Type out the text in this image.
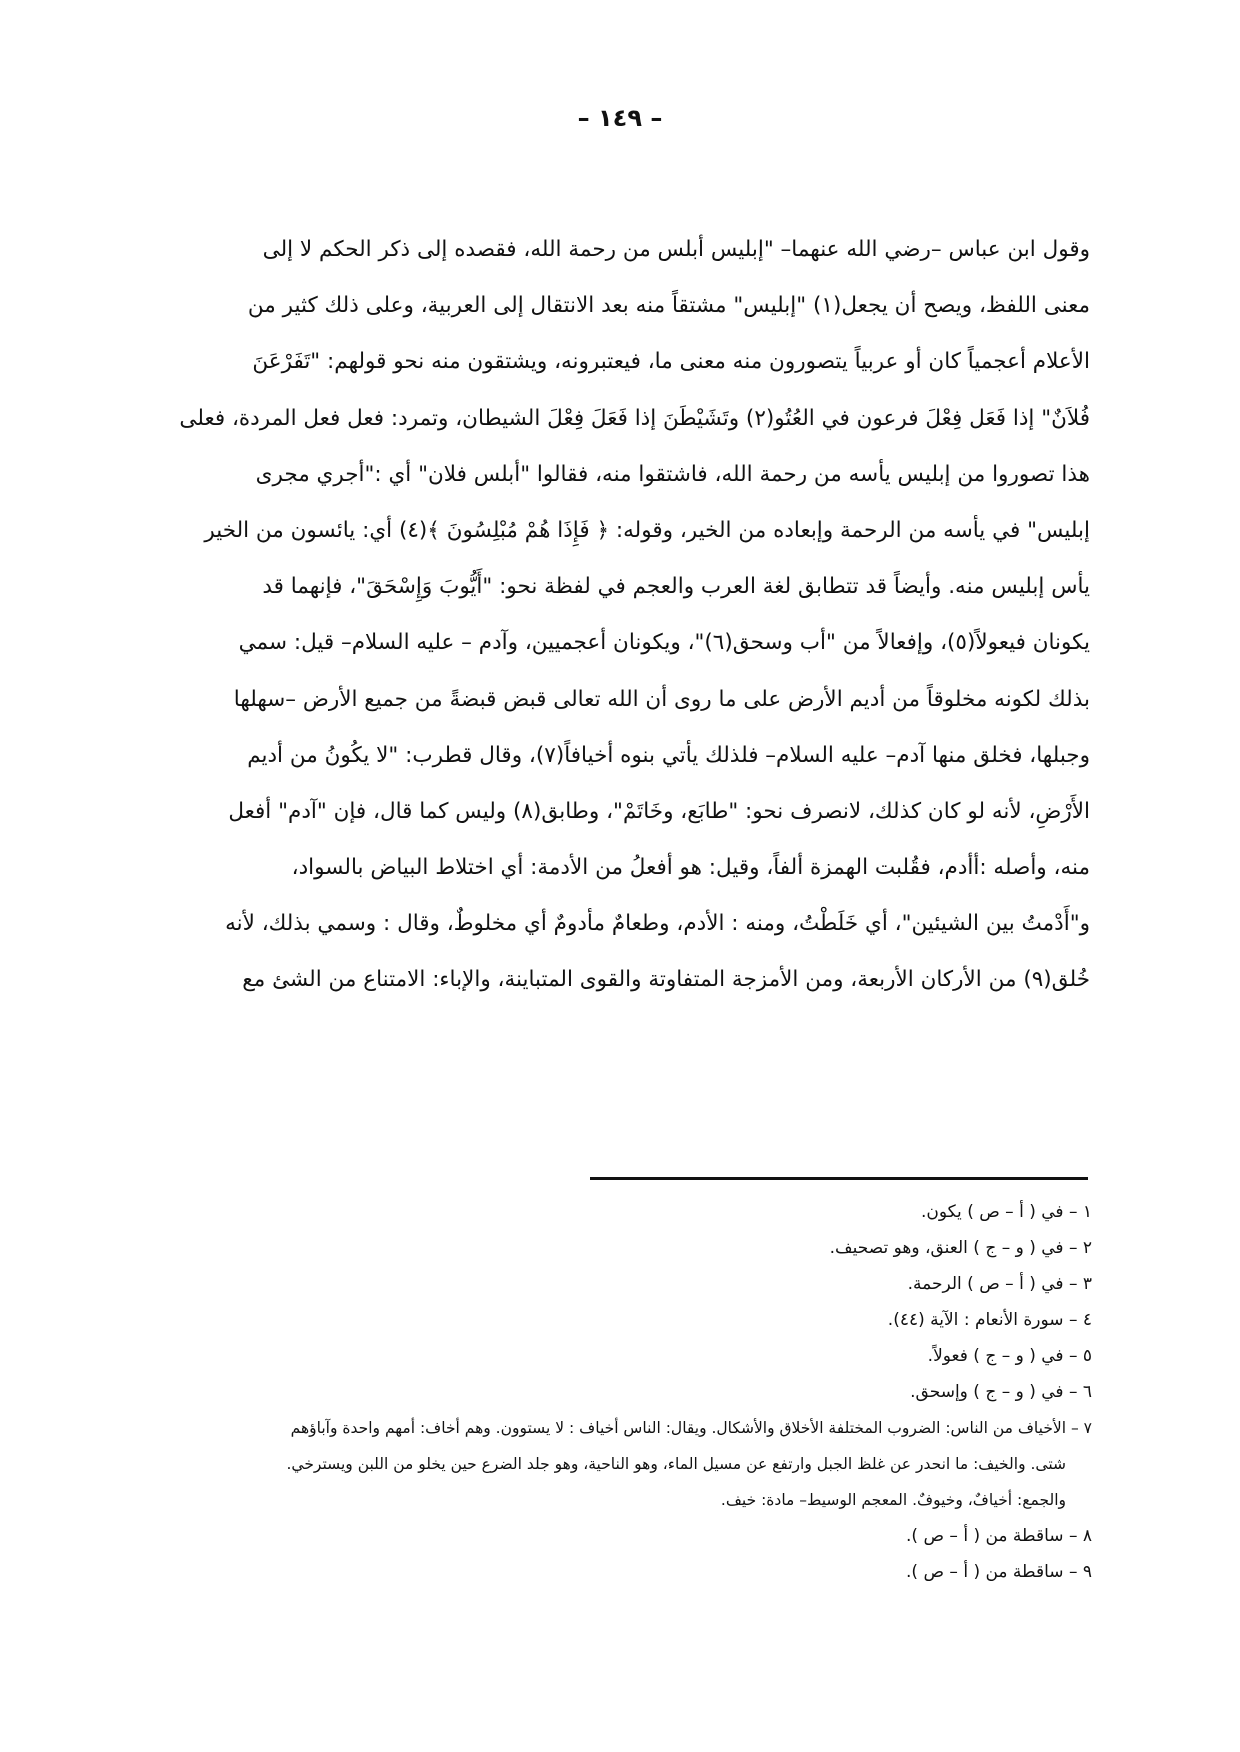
– ١٤٩ –
وقول ابن عباس –رضي الله عنهما– "إبليس أبلس من رحمة الله، فقصده إلى ذكر الحكم لا إلى
معنى اللفظ، ويصح أن يجعل(١) "إبليس" مشتقاً منه بعد الانتقال إلى العربية، وعلى ذلك كثير من
الأعلام أعجمياً كان أو عربياً يتصورون منه معنى ما، فيعتبرونه، ويشتقون منه نحو قولهم: "تَفَرْعَنَ
فُلاَنٌ" إذا فَعَل فِعْلَ فرعون في العُتُو(٢) وتَشَيْطَنَ إذا فَعَلَ فِعْلَ الشيطان، وتمرد: فعل فعل المردة، فعلى
هذا تصوروا من إبليس يأسه من رحمة الله، فاشتقوا منه، فقالوا "أبلس فلان" أي :"أجري مجرى
إبليس" في يأسه من الرحمة وإبعاده من الخير، وقوله: ﴿ فَإِذَا هُمْ مُبْلِسُونَ ﴾(٤) أي: يائسون من الخير
يأس إبليس منه. وأيضاً قد تتطابق لغة العرب والعجم في لفظة نحو: "أَيُّوبَ وَإِسْحَقَ"، فإنهما قد
يكونان فيعولاً(٥)، وإفعالاً من "أب وسحق(٦)"، ويكونان أعجميين، وآدم – عليه السلام– قيل: سمي
بذلك لكونه مخلوقاً من أديم الأرض على ما روى أن الله تعالى قبض قبضةً من جميع الأرض –سهلها
وجبلها، فخلق منها آدم– عليه السلام– فلذلك يأتي بنوه أخيافاً(٧)، وقال قطرب: "لا يكُونُ من أديم
الأَرْضِ، لأنه لو كان كذلك، لانصرف نحو: "طابَع، وخَاتَمْ"، وطابق(٨) وليس كما قال، فإن "آدم" أفعل
منه، وأصله :أأدم، فقُلبت الهمزة ألفاً، وقيل: هو أفعلُ من الأدمة: أي اختلاط البياض بالسواد،
و"أَدْمتُ بين الشيئين"، أي خَلَطْتُ، ومنه : الأدم، وطعامٌ مأدومٌ أي مخلوطٌ، وقال : وسمي بذلك، لأنه
خُلق(٩) من الأركان الأربعة، ومن الأمزجة المتفاوتة والقوى المتباينة، والإباء: الامتناع من الشئ مع
١ – في ( أ – ص ) يكون.
٢ – في ( و – ج ) العنق، وهو تصحيف.
٣ – في ( أ – ص ) الرحمة.
٤ – سورة الأنعام : الآية (٤٤).
٥ – في ( و – ج ) فعولاً.
٦ – في ( و – ج ) وإسحق.
٧ – الأخياف من الناس: الضروب المختلفة الأخلاق والأشكال. ويقال: الناس أخياف : لا يستوون. وهم أخاف: أمهم واحدة وآباؤهم
شتى. والخيف: ما انحدر عن غلظ الجبل وارتفع عن مسيل الماء، وهو الناحية، وهو جلد الضرع حين يخلو من اللبن ويسترخي.
والجمع: أخيافٌ، وخيوفٌ. المعجم الوسيط– مادة: خيف.
٨ – ساقطة من ( أ – ص ).
٩ – ساقطة من ( أ – ص ).
